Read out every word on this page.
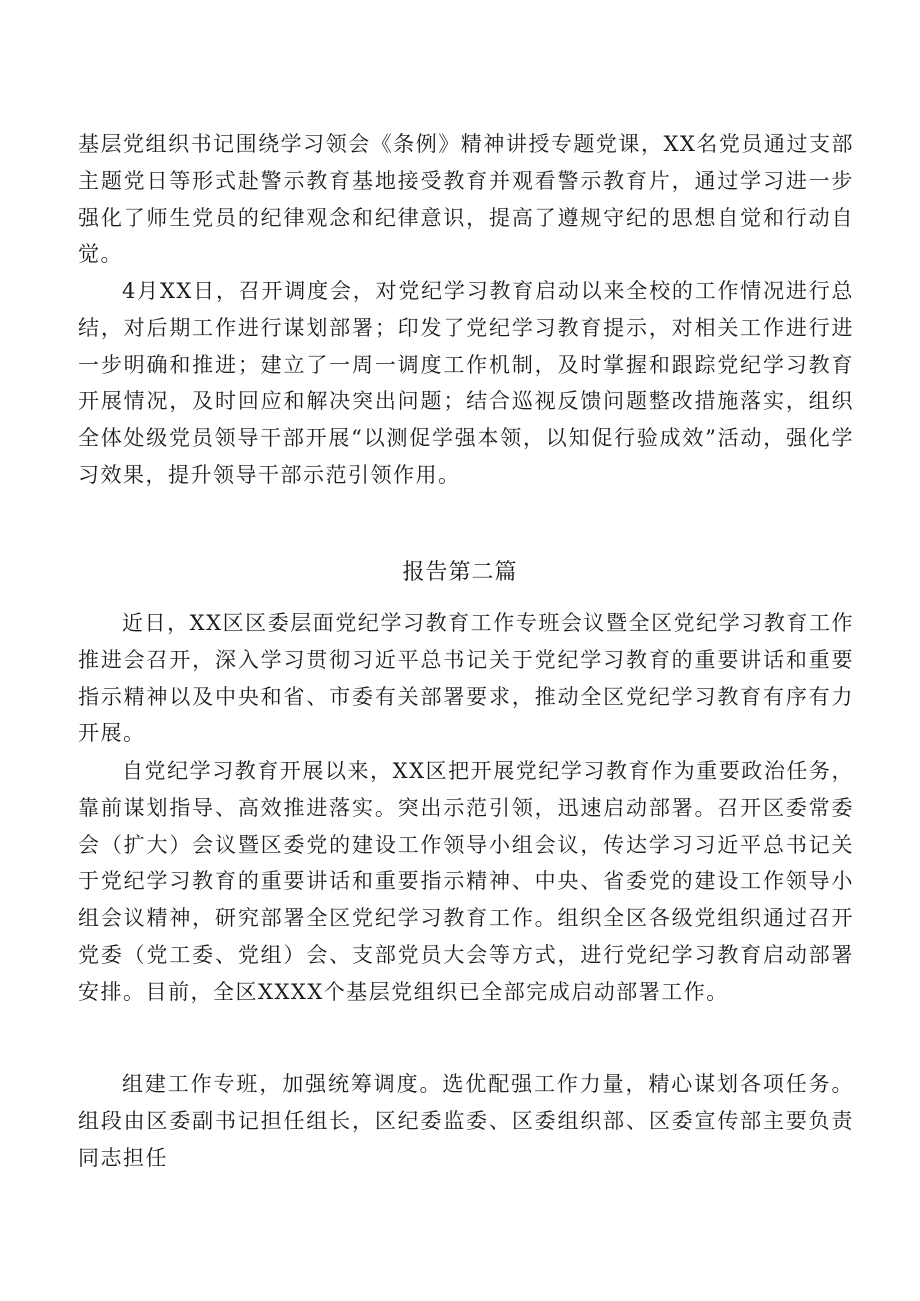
基层党组织书记围绕学习领会《条例》精神讲授专题党课，XX名党员通过支部主题党日等形式赴警示教育基地接受教育并观看警示教育片，通过学习进一步强化了师生党员的纪律观念和纪律意识，提高了遵规守纪的思想自觉和行动自觉。

4月XX日，召开调度会，对党纪学习教育启动以来全校的工作情况进行总结，对后期工作进行谋划部署；印发了党纪学习教育提示，对相关工作进行进一步明确和推进；建立了一周一调度工作机制，及时掌握和跟踪党纪学习教育开展情况，及时回应和解决突出问题；结合巡视反馈问题整改措施落实，组织全体处级党员领导干部开展“以测促学强本领，以知促行验成效”活动，强化学习效果，提升领导干部示范引领作用。

报告第二篇

近日，XX区区委层面党纪学习教育工作专班会议暨全区党纪学习教育工作推进会召开，深入学习贯彻习近平总书记关于党纪学习教育的重要讲话和重要指示精神以及中央和省、市委有关部署要求，推动全区党纪学习教育有序有力开展。

自党纪学习教育开展以来，XX区把开展党纪学习教育作为重要政治任务，靠前谋划指导、高效推进落实。突出示范引领，迅速启动部署。召开区委常委会（扩大）会议暨区委党的建设工作领导小组会议，传达学习习近平总书记关于党纪学习教育的重要讲话和重要指示精神、中央、省委党的建设工作领导小组会议精神，研究部署全区党纪学习教育工作。组织全区各级党组织通过召开党委（党工委、党组）会、支部党员大会等方式，进行党纪学习教育启动部署安排。目前，全区XXXX个基层党组织已全部完成启动部署工作。

组建工作专班，加强统筹调度。选优配强工作力量，精心谋划各项任务。组段由区委副书记担任组长，区纪委监委、区委组织部、区委宣传部主要负责同志担任
